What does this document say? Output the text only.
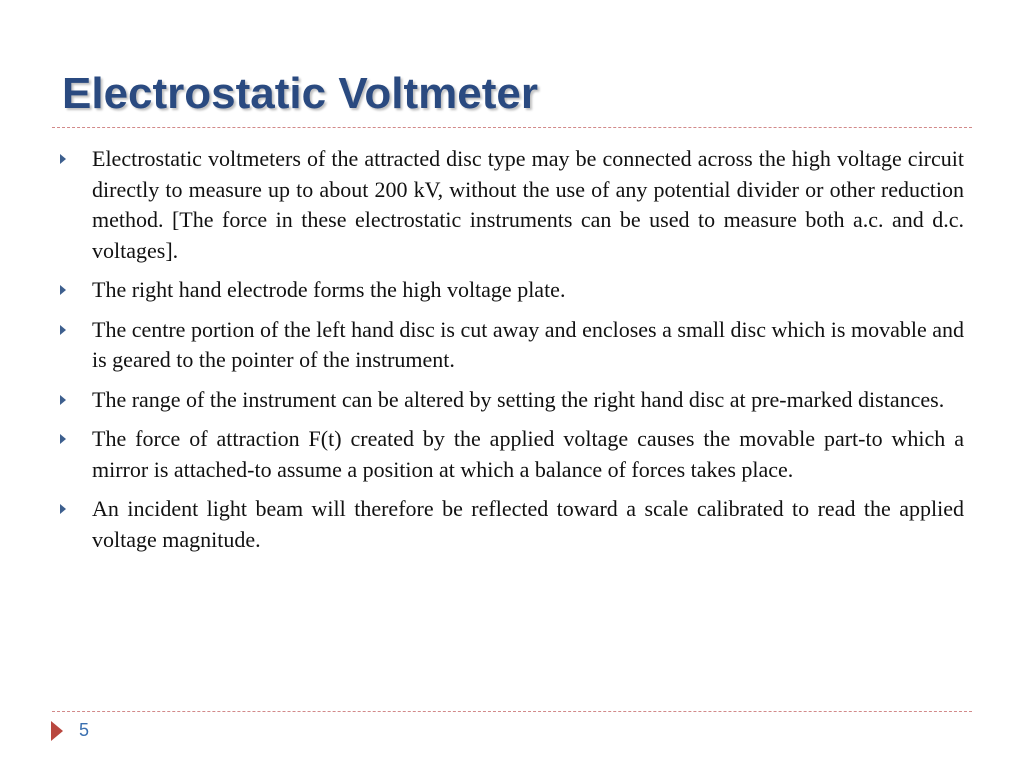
Electrostatic Voltmeter
Electrostatic voltmeters of the attracted disc type may be connected across the high voltage circuit directly to measure up to about 200 kV, without the use of any potential divider or other reduction method. [The force in these electrostatic instruments can be used to measure both a.c. and d.c. voltages].
The right hand electrode forms the high voltage plate.
The centre portion of the left hand disc is cut away and encloses a small disc which is movable and is geared to the pointer of the instrument.
The range of the instrument can be altered by setting the right hand disc at pre-marked distances.
The force of attraction F(t) created by the applied voltage causes the movable part-to which a mirror is attached-to assume a position at which a balance of forces takes place.
An incident light beam will therefore be reflected toward a scale calibrated to read the applied voltage magnitude.
5
